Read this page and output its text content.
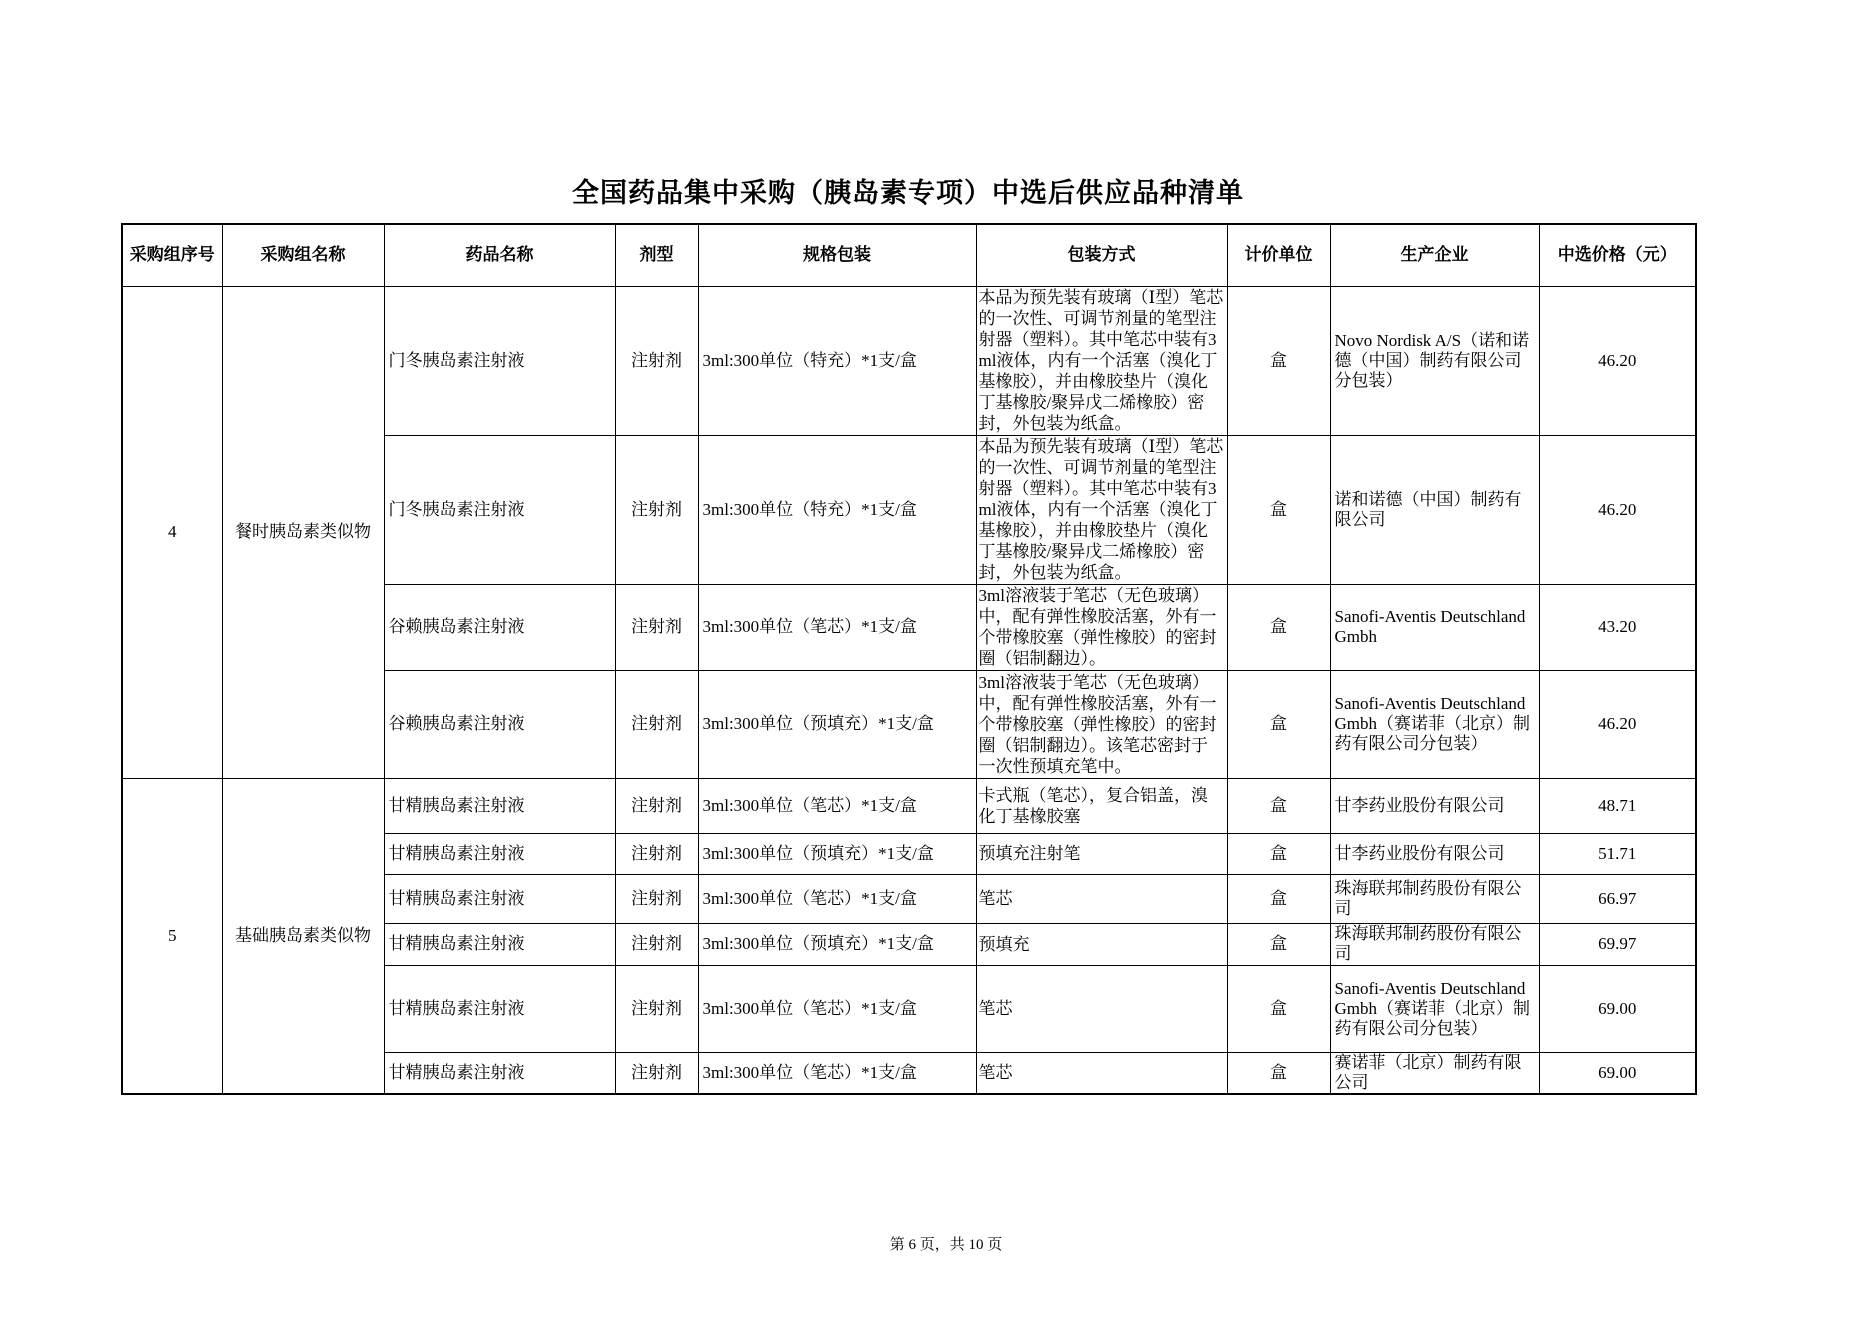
全国药品集中采购（胰岛素专项）中选后供应品种清单
采购组序号	采购组名称	药品名称	剂型	规格包装	包装方式	计价单位	生产企业	中选价格（元）

4	餐时胰岛素类似物	门冬胰岛素注射液	注射剂	3ml:300单位（特充）*1支/盒	本品为预先装有玻璃（Ⅰ型）笔芯的一次性、可调节剂量的笔型注射器（塑料）。其中笔芯中装有3ml液体，内有一个活塞（溴化丁基橡胶），并由橡胶垫片（溴化丁基橡胶/聚异戊二烯橡胶）密封，外包装为纸盒。	盒	Novo Nordisk A/S（诺和诺德（中国）制药有限公司分包装）	46.20

		门冬胰岛素注射液	注射剂	3ml:300单位（特充）*1支/盒	本品为预先装有玻璃（Ⅰ型）笔芯的一次性、可调节剂量的笔型注射器（塑料）。其中笔芯中装有3ml液体，内有一个活塞（溴化丁基橡胶），并由橡胶垫片（溴化丁基橡胶/聚异戊二烯橡胶）密封，外包装为纸盒。	盒	诺和诺德（中国）制药有限公司	46.20

		谷赖胰岛素注射液	注射剂	3ml:300单位（笔芯）*1支/盒	3ml溶液装于笔芯（无色玻璃）中，配有弹性橡胶活塞，外有一个带橡胶塞（弹性橡胶）的密封圈（铝制翻边）。	盒	Sanofi-Aventis Deutschland Gmbh	43.20

		谷赖胰岛素注射液	注射剂	3ml:300单位（预填充）*1支/盒	3ml溶液装于笔芯（无色玻璃）中，配有弹性橡胶活塞，外有一个带橡胶塞（弹性橡胶）的密封圈（铝制翻边）。该笔芯密封于一次性预填充笔中。	盒	Sanofi-Aventis Deutschland Gmbh（赛诺菲（北京）制药有限公司分包装）	46.20

5	基础胰岛素类似物	甘精胰岛素注射液	注射剂	3ml:300单位（笔芯）*1支/盒	卡式瓶（笔芯），复合铝盖，溴化丁基橡胶塞	盒	甘李药业股份有限公司	48.71

		甘精胰岛素注射液	注射剂	3ml:300单位（预填充）*1支/盒	预填充注射笔	盒	甘李药业股份有限公司	51.71

		甘精胰岛素注射液	注射剂	3ml:300单位（笔芯）*1支/盒	笔芯	盒	珠海联邦制药股份有限公司	66.97

		甘精胰岛素注射液	注射剂	3ml:300单位（预填充）*1支/盒	预填充	盒	珠海联邦制药股份有限公司	69.97

		甘精胰岛素注射液	注射剂	3ml:300单位（笔芯）*1支/盒	笔芯	盒	Sanofi-Aventis Deutschland Gmbh（赛诺菲（北京）制药有限公司分包装）	69.00

		甘精胰岛素注射液	注射剂	3ml:300单位（笔芯）*1支/盒	笔芯	盒	赛诺菲（北京）制药有限公司	69.00
第 6 页，共 10 页
